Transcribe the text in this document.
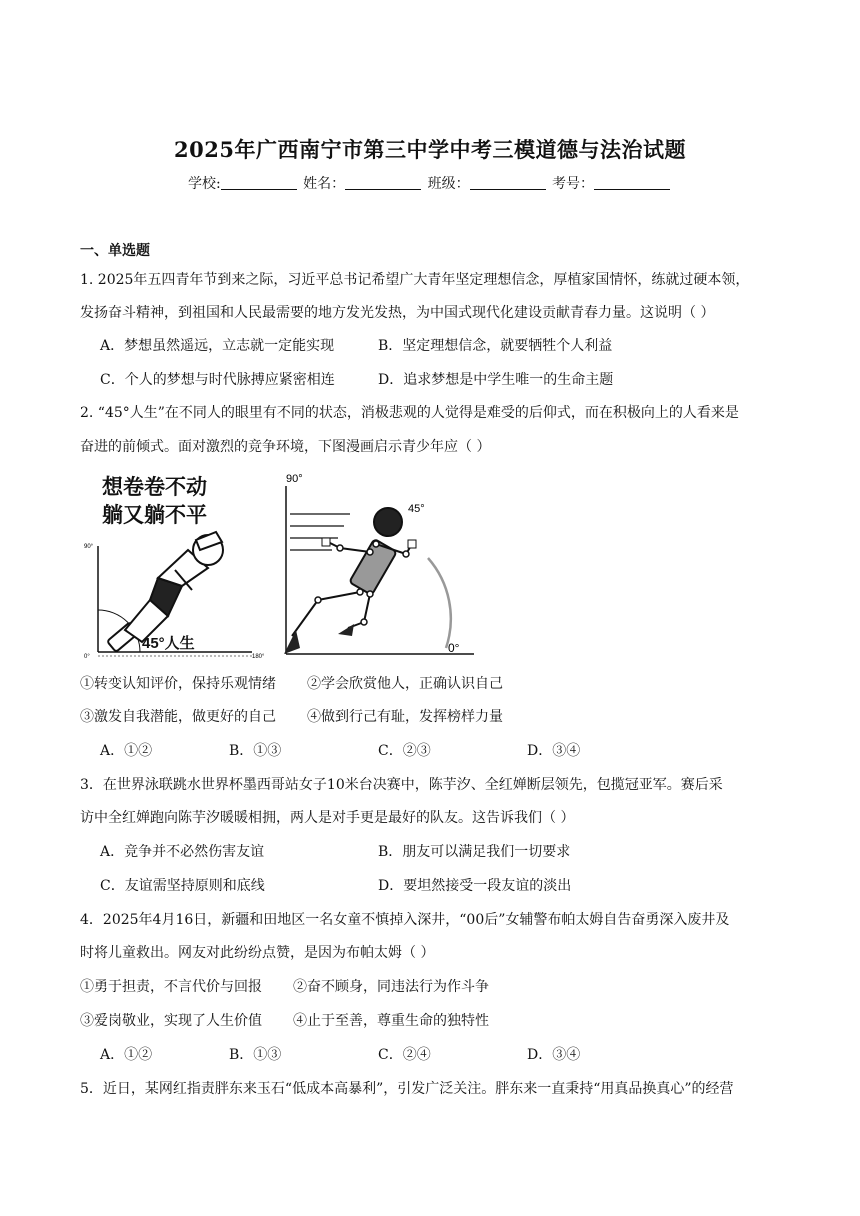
2025年广西南宁市第三中学中考三模道德与法治试题
学校:	姓名：	班级：	考号：
一、单选题
1. 2025年五四青年节到来之际，习近平总书记希望广大青年坚定理想信念，厚植家国情怀，练就过硬本领，
发扬奋斗精神，到祖国和人民最需要的地方发光发热，为中国式现代化建设贡献青春力量。这说明（ ）
A．梦想虽然遥远，立志就一定能实现	B．坚定理想信念，就要牺牲个人利益
C．个人的梦想与时代脉搏应紧密相连	D．追求梦想是中学生唯一的生命主题
2. “45°人生”在不同人的眼里有不同的状态，消极悲观的人觉得是难受的后仰式，而在积极向上的人看来是
奋进的前倾式。面对激烈的竞争环境，下图漫画启示青少年应（ ）
想卷卷不动
躺又躺不平
90°
0°	180°
45°人生
90°
0°
45°
①转变认知评价，保持乐观情绪 ②学会欣赏他人，正确认识自己
③激发自我潜能，做更好的自己 ④做到行己有耻，发挥榜样力量
A．①②	B．①③	C．②③	D．③④
3．在世界泳联跳水世界杯墨西哥站女子10米台决赛中，陈芋汐、全红婵断层领先，包揽冠亚军。赛后采
访中全红婵跑向陈芋汐暖暖相拥，两人是对手更是最好的队友。这告诉我们（ ）
A．竞争并不必然伤害友谊	B．朋友可以满足我们一切要求
C．友谊需坚持原则和底线	D．要坦然接受一段友谊的淡出
4．2025年4月16日，新疆和田地区一名女童不慎掉入深井，“00后”女辅警布帕太姆自告奋勇深入废井及
时将儿童救出。网友对此纷纷点赞，是因为布帕太姆（ ）
①勇于担责，不言代价与回报 ②奋不顾身，同违法行为作斗争
③爱岗敬业，实现了人生价值 ④止于至善，尊重生命的独特性
A．①②	B．①③	C．②④	D．③④
5．近日，某网红指责胖东来玉石“低成本高暴利”，引发广泛关注。胖东来一直秉持“用真品换真心”的经营
